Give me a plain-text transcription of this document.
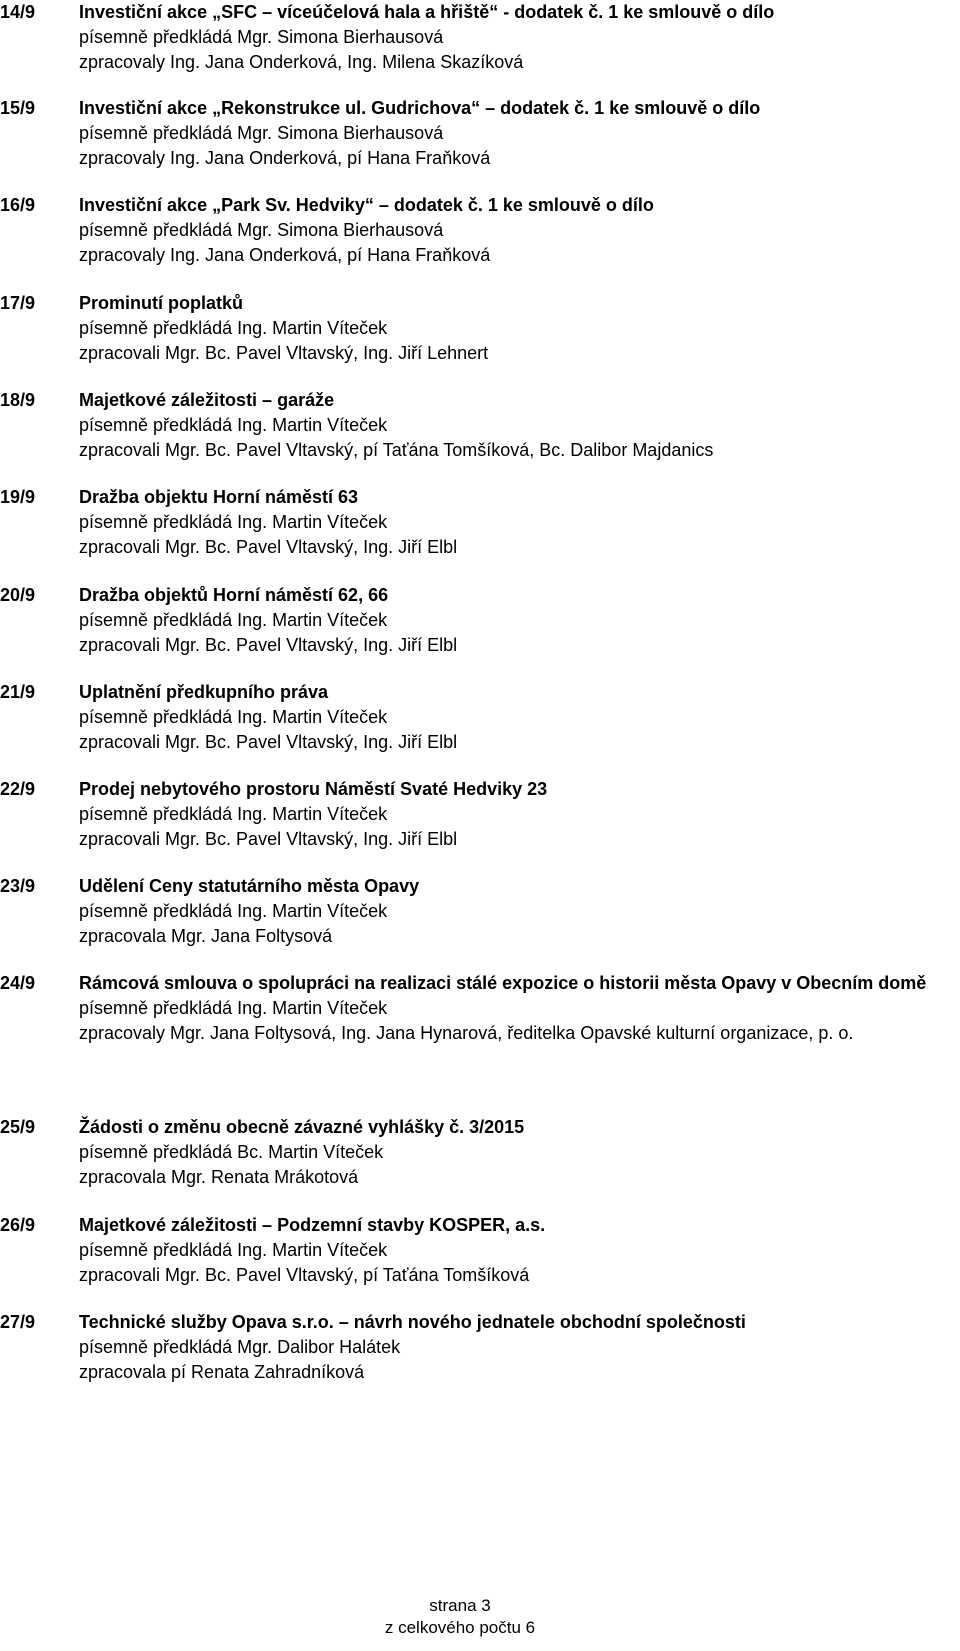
14/9 Investiční akce „SFC – víceúčelová hala a hřiště“ - dodatek č. 1 ke smlouvě o dílo
písemně předkládá Mgr. Simona Bierhausová
zpracovaly Ing. Jana Onderková, Ing. Milena Skazíková
15/9 Investiční akce „Rekonstrukce ul. Gudrichova“ – dodatek č. 1 ke smlouvě o dílo
písemně předkládá Mgr. Simona Bierhausová
zpracovaly Ing. Jana Onderková, pí Hana Fraňková
16/9 Investiční akce „Park Sv. Hedviky“ – dodatek č. 1 ke smlouvě o dílo
písemně předkládá Mgr. Simona Bierhausová
zpracovaly Ing. Jana Onderková, pí Hana Fraňková
17/9 Prominutí poplatků
písemně předkládá Ing. Martin Víteček
zpracovali Mgr. Bc. Pavel Vltavský, Ing. Jiří Lehnert
18/9 Majetkové záležitosti – garáže
písemně předkládá Ing. Martin Víteček
zpracovali Mgr. Bc. Pavel Vltavský, pí Taťána Tomšíková, Bc. Dalibor Majdanics
19/9 Dražba objektu Horní náměstí 63
písemně předkládá Ing. Martin Víteček
zpracovali Mgr. Bc. Pavel Vltavský, Ing. Jiří Elbl
20/9 Dražba objektů Horní náměstí 62, 66
písemně předkládá Ing. Martin Víteček
zpracovali Mgr. Bc. Pavel Vltavský, Ing. Jiří Elbl
21/9 Uplatnění předkupního práva
písemně předkládá Ing. Martin Víteček
zpracovali Mgr. Bc. Pavel Vltavský, Ing. Jiří Elbl
22/9 Prodej nebytového prostoru Náměstí Svaté Hedviky 23
písemně předkládá Ing. Martin Víteček
zpracovali Mgr. Bc. Pavel Vltavský, Ing. Jiří Elbl
23/9 Udělení Ceny statutárního města Opavy
písemně předkládá Ing. Martin Víteček
zpracovala Mgr. Jana Foltysová
24/9 Rámcová smlouva o spolupráci na realizaci stálé expozice o historii města Opavy v Obecním domě
písemně předkládá Ing. Martin Víteček
zpracovaly Mgr. Jana Foltysová, Ing. Jana Hynarová, ředitelka Opavské kulturní organizace, p. o.
25/9 Žádosti o změnu obecně závazné vyhlášky č. 3/2015
písemně předkládá Bc. Martin Víteček
zpracovala Mgr. Renata Mrákotová
26/9 Majetkové záležitosti – Podzemní stavby KOSPER, a.s.
písemně předkládá Ing. Martin Víteček
zpracovali Mgr. Bc. Pavel Vltavský, pí Taťána Tomšíková
27/9 Technické služby Opava s.r.o. – návrh nového jednatele obchodní společnosti
písemně předkládá Mgr. Dalibor Halátek
zpracovala pí Renata Zahradníková
strana 3
z celkového počtu 6
